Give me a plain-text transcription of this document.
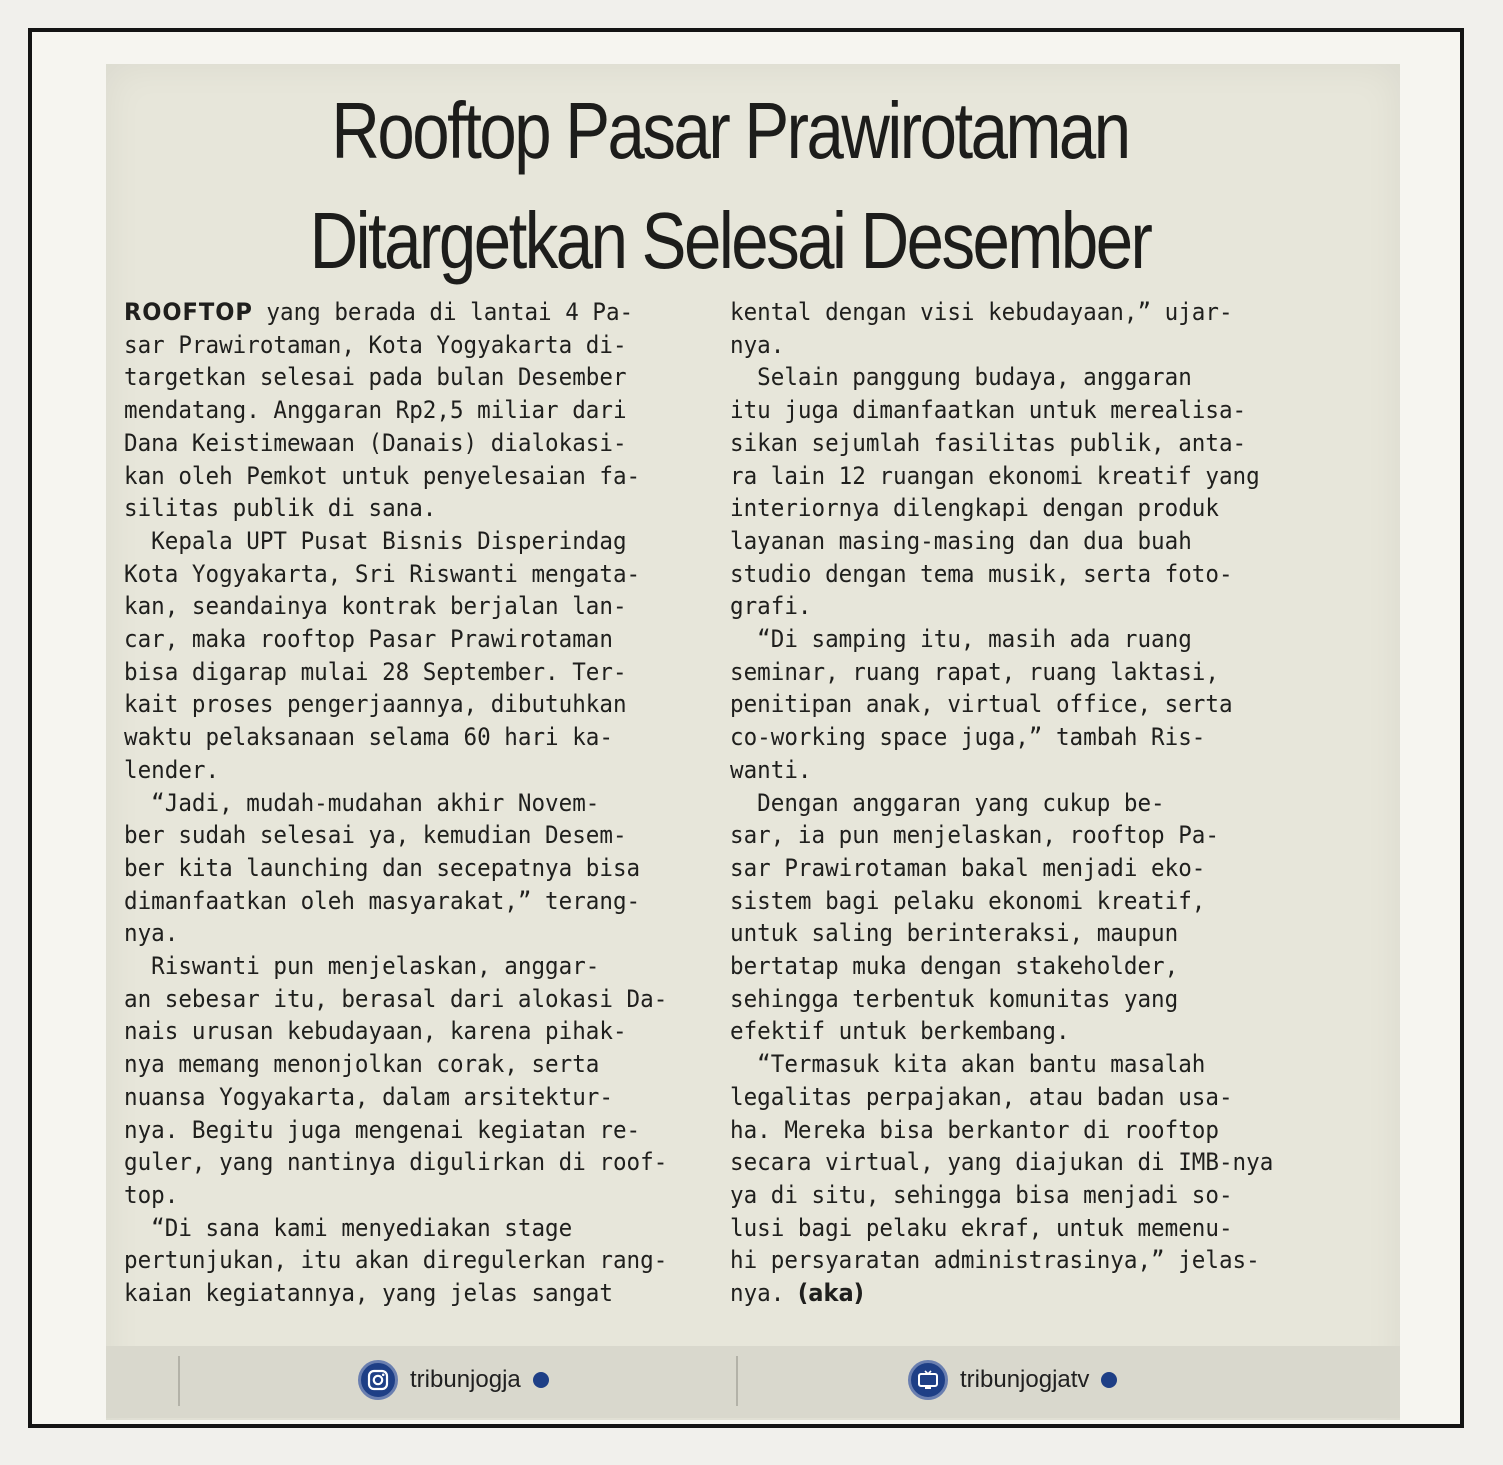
Rooftop Pasar Prawirotaman
Ditargetkan Selesai Desember

ROOFTOP yang berada di lantai 4 Pa-

sar Prawirotaman, Kota Yogyakarta di-

targetkan selesai pada bulan Desember

mendatang. Anggaran Rp2,5 miliar dari

Dana Keistimewaan (Danais) dialokasi-

kan oleh Pemkot untuk penyelesaian fa-

silitas publik di sana.

Kepala UPT Pusat Bisnis Disperindag

Kota Yogyakarta, Sri Riswanti mengata-

kan, seandainya kontrak berjalan lan-

car, maka rooftop Pasar Prawirotaman

bisa digarap mulai 28 September. Ter-

kait proses pengerjaannya, dibutuhkan

waktu pelaksanaan selama 60 hari ka-

lender.

“Jadi, mudah-mudahan akhir Novem-

ber sudah selesai ya, kemudian Desem-

ber kita launching dan secepatnya bisa

dimanfaatkan oleh masyarakat,” terang-

nya.

Riswanti pun menjelaskan, anggar-

an sebesar itu, berasal dari alokasi Da-

nais urusan kebudayaan, karena pihak-

nya memang menonjolkan corak, serta

nuansa Yogyakarta, dalam arsitektur-

nya. Begitu juga mengenai kegiatan re-

guler, yang nantinya digulirkan di roof-

top.

“Di sana kami menyediakan stage

pertunjukan, itu akan diregulerkan rang-

kaian kegiatannya, yang jelas sangat

kental dengan visi kebudayaan,” ujar-

nya.

Selain panggung budaya, anggaran

itu juga dimanfaatkan untuk merealisa-

sikan sejumlah fasilitas publik, anta-

ra lain 12 ruangan ekonomi kreatif yang

interiornya dilengkapi dengan produk

layanan masing-masing dan dua buah

studio dengan tema musik, serta foto-

grafi.

“Di samping itu, masih ada ruang

seminar, ruang rapat, ruang laktasi,

penitipan anak, virtual office, serta

co-working space juga,” tambah Ris-

wanti.

Dengan anggaran yang cukup be-

sar, ia pun menjelaskan, rooftop Pa-

sar Prawirotaman bakal menjadi eko-

sistem bagi pelaku ekonomi kreatif,

untuk saling berinteraksi, maupun

bertatap muka dengan stakeholder,

sehingga terbentuk komunitas yang

efektif untuk berkembang.

“Termasuk kita akan bantu masalah

legalitas perpajakan, atau badan usa-

ha. Mereka bisa berkantor di rooftop

secara virtual, yang diajukan di IMB-nya

ya di situ, sehingga bisa menjadi so-

lusi bagi pelaku ekraf, untuk memenu-

hi persyaratan administrasinya,” jelas-

nya. (aka)

tribunjogja	tribunjogjatv
